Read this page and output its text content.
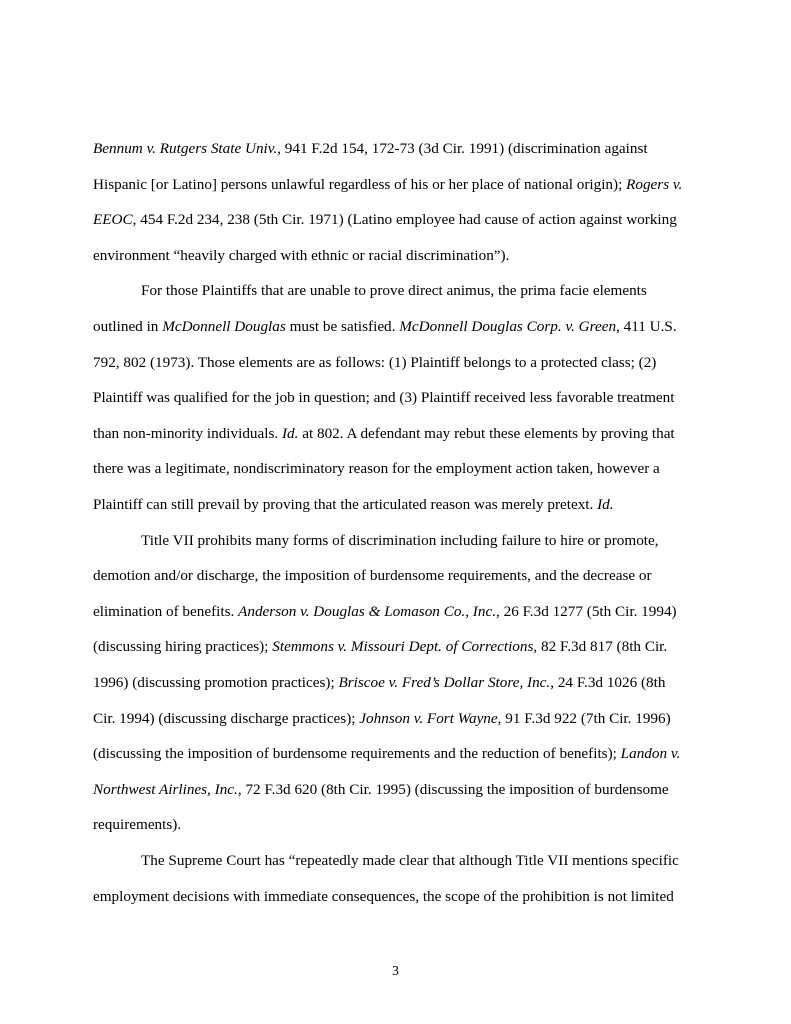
Bennum v. Rutgers State Univ., 941 F.2d 154, 172-73 (3d Cir. 1991) (discrimination against
Hispanic [or Latino] persons unlawful regardless of his or her place of national origin); Rogers v.
EEOC, 454 F.2d 234, 238 (5th Cir. 1971) (Latino employee had cause of action against working
environment “heavily charged with ethnic or racial discrimination”).
For those Plaintiffs that are unable to prove direct animus, the prima facie elements
outlined in McDonnell Douglas must be satisfied. McDonnell Douglas Corp. v. Green, 411 U.S.
792, 802 (1973). Those elements are as follows: (1) Plaintiff belongs to a protected class; (2)
Plaintiff was qualified for the job in question; and (3) Plaintiff received less favorable treatment
than non-minority individuals. Id. at 802. A defendant may rebut these elements by proving that
there was a legitimate, nondiscriminatory reason for the employment action taken, however a
Plaintiff can still prevail by proving that the articulated reason was merely pretext. Id.
Title VII prohibits many forms of discrimination including failure to hire or promote,
demotion and/or discharge, the imposition of burdensome requirements, and the decrease or
elimination of benefits. Anderson v. Douglas & Lomason Co., Inc., 26 F.3d 1277 (5th Cir. 1994)
(discussing hiring practices); Stemmons v. Missouri Dept. of Corrections, 82 F.3d 817 (8th Cir.
1996) (discussing promotion practices); Briscoe v. Fred’s Dollar Store, Inc., 24 F.3d 1026 (8th
Cir. 1994) (discussing discharge practices); Johnson v. Fort Wayne, 91 F.3d 922 (7th Cir. 1996)
(discussing the imposition of burdensome requirements and the reduction of benefits); Landon v.
Northwest Airlines, Inc., 72 F.3d 620 (8th Cir. 1995) (discussing the imposition of burdensome
requirements).
The Supreme Court has “repeatedly made clear that although Title VII mentions specific
employment decisions with immediate consequences, the scope of the prohibition is not limited
3
